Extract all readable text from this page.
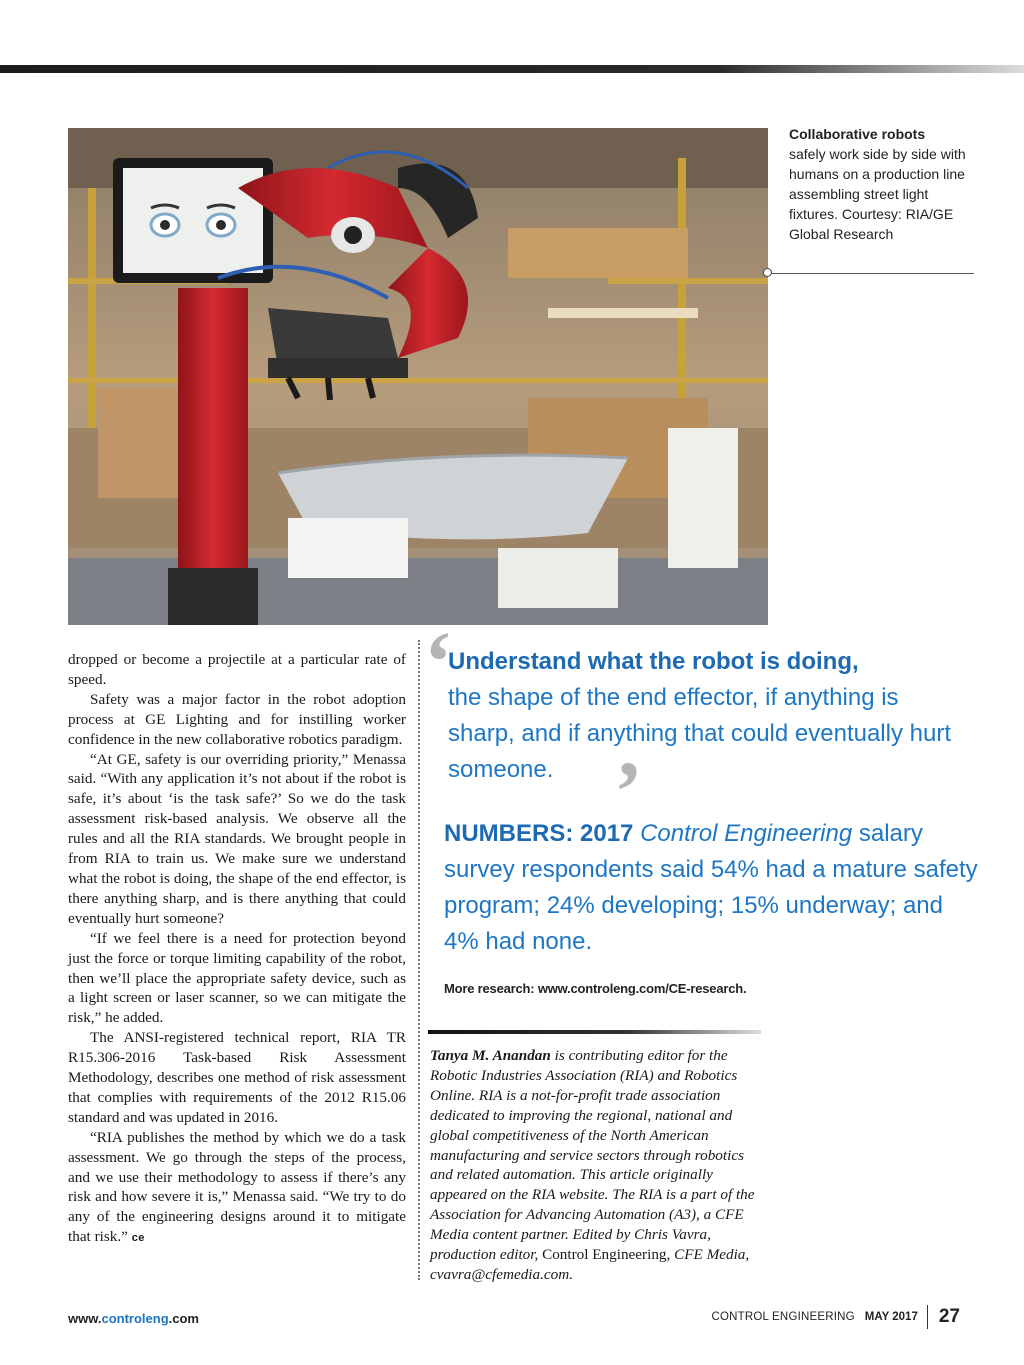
Collaborative robots
safely work side by side with humans on a production line assembling street light fixtures. Courtesy: RIA/GE Global Research

dropped or become a projectile at a particular rate of speed.

Safety was a major factor in the robot adoption process at GE Lighting and for instilling worker confidence in the new collaborative robotics paradigm.

“At GE, safety is our overriding priority,” Menassa said. “With any application it’s not about if the robot is safe, it’s about ‘is the task safe?’ So we do the task assessment risk-based analysis. We observe all the rules and all the RIA standards. We brought people in from RIA to train us. We make sure we understand what the robot is doing, the shape of the end effector, is there anything sharp, and is there anything that could eventually hurt someone?

“If we feel there is a need for protection beyond just the force or torque limiting capability of the robot, then we’ll place the appropriate safety device, such as a light screen or laser scanner, so we can mitigate the risk,” he added.

The ANSI-registered technical report, RIA TR R15.306-2016 Task-based Risk Assessment Methodology, describes one method of risk assessment that complies with requirements of the 2012 R15.06 standard and was updated in 2016.

“RIA publishes the method by which we do a task assessment. We go through the steps of the process, and we use their methodology to assess if there’s any risk and how severe it is,” Menassa said. “We try to do any of the engineering designs around it to mitigate that risk.” ce

‘
Understand what the robot is doing,
the shape of the end effector, if anything is sharp, and if anything that could eventually hurt someone. ’
NUMBERS: 2017 Control Engineering salary survey respondents said 54% had a mature safety program; 24% developing; 15% underway; and 4% had none.
More research: www.controleng.com/CE-research.
Tanya M. Anandan is contributing editor for the Robotic Industries Association (RIA) and Robotics Online. RIA is a not-for-profit trade association dedicated to improving the regional, national and global competitiveness of the North American manufacturing and service sectors through robotics and related automation. This article originally appeared on the RIA website. The RIA is a part of the Association for Advancing Automation (A3), a CFE Media content partner. Edited by Chris Vavra, production editor, Control Engineering, CFE Media, cvavra@cfemedia.com.
www.controleng.com	CONTROL ENGINEERING MAY 2017 27
